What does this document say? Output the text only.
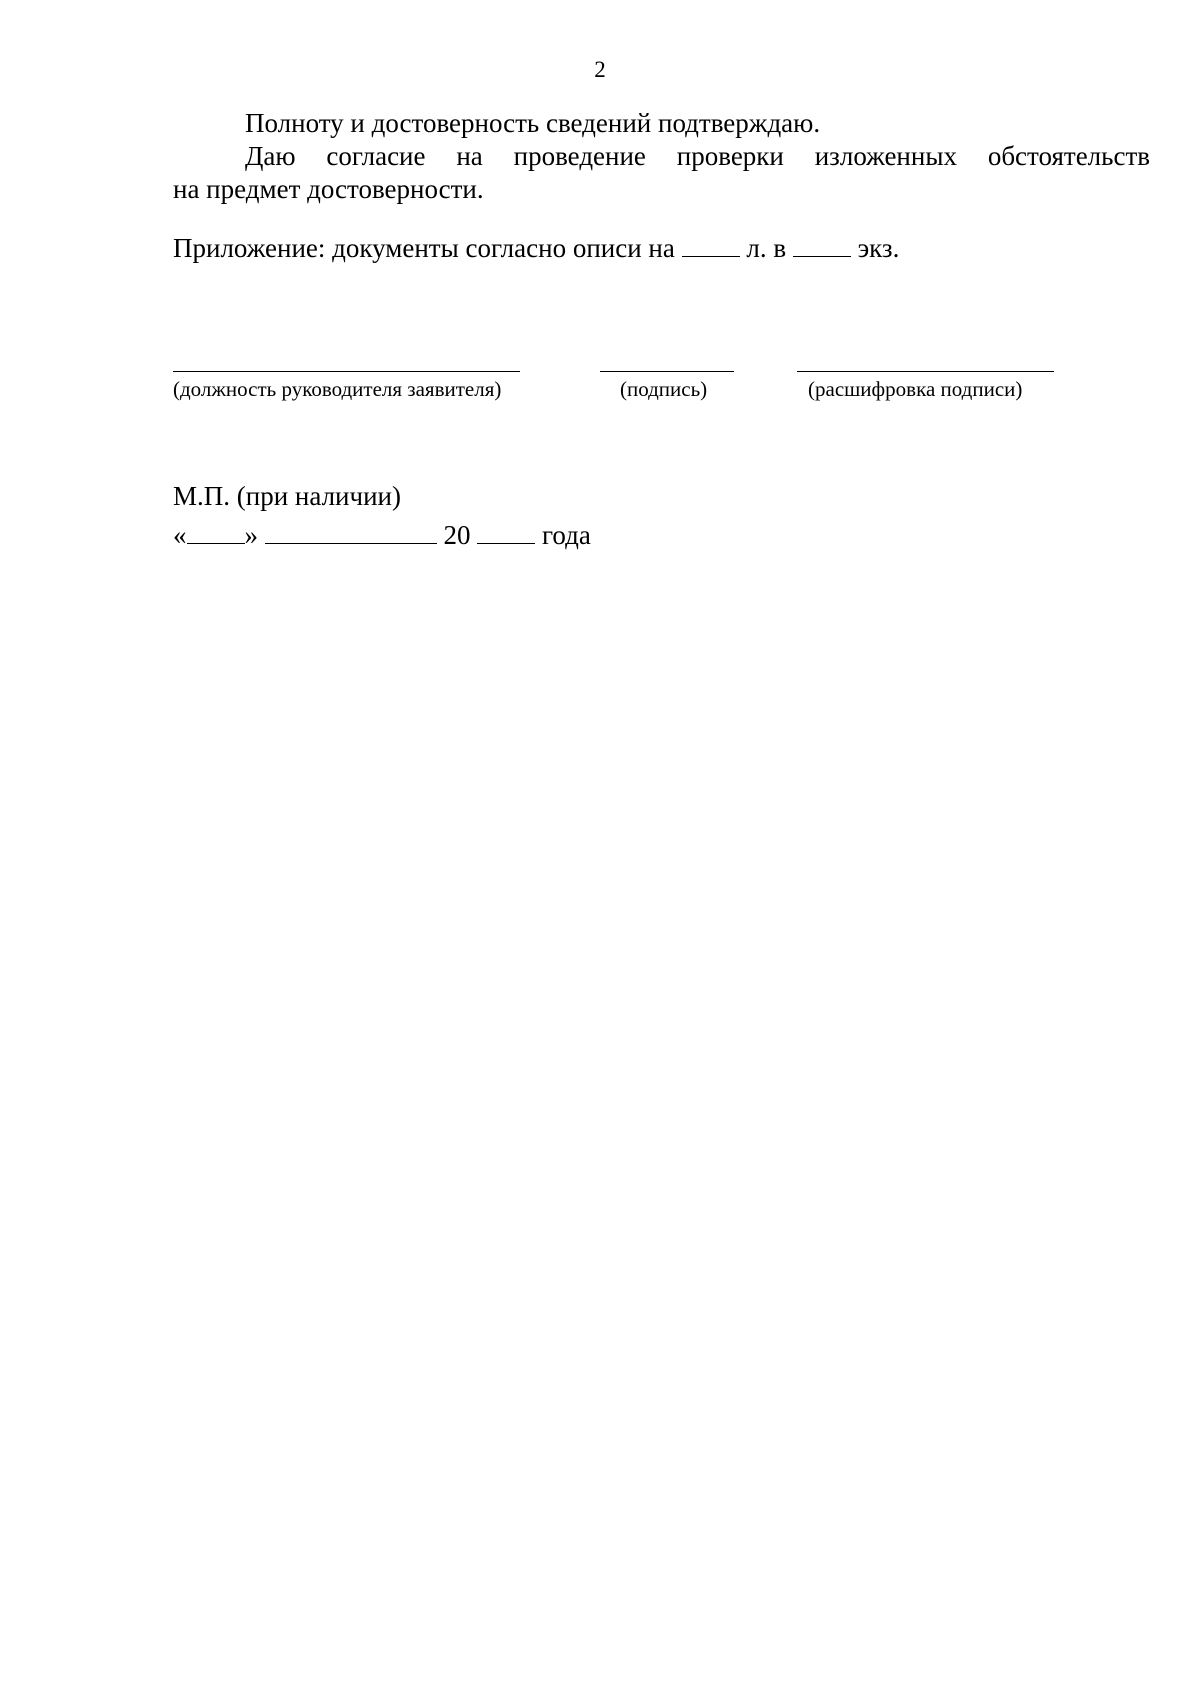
2
Полноту и достоверность сведений подтверждаю.
Даю согласие на проведение проверки изложенных обстоятельств
на предмет достоверности.
Приложение: документы согласно описи на	л. в	экз.
(должность руководителя заявителя)	(подпись)	(расшифровка подписи)
М.П. (при наличии)
« »	20	года
